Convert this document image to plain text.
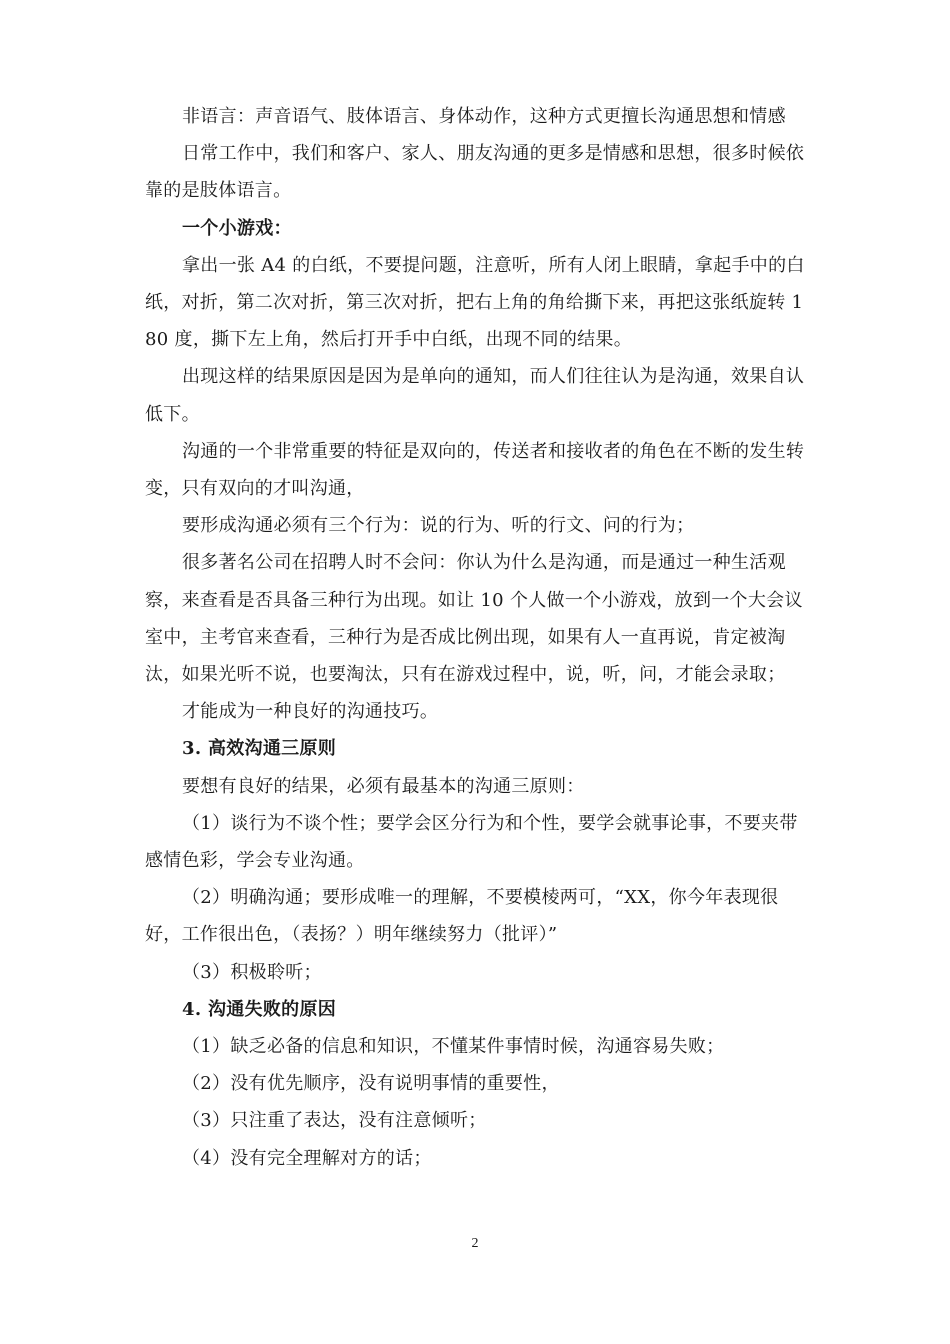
非语言：声音语气、肢体语言、身体动作，这种方式更擅长沟通思想和情感

日常工作中，我们和客户、家人、朋友沟通的更多是情感和思想，很多时候依靠的是肢体语言。

一个小游戏：

拿出一张 A4 的白纸，不要提问题，注意听，所有人闭上眼睛，拿起手中的白纸，对折，第二次对折，第三次对折，把右上角的角给撕下来，再把这张纸旋转 180 度，撕下左上角，然后打开手中白纸，出现不同的结果。

出现这样的结果原因是因为是单向的通知，而人们往往认为是沟通，效果自认低下。

沟通的一个非常重要的特征是双向的，传送者和接收者的角色在不断的发生转变，只有双向的才叫沟通，

要形成沟通必须有三个行为：说的行为、听的行文、问的行为；

很多著名公司在招聘人时不会问：你认为什么是沟通，而是通过一种生活观察，来查看是否具备三种行为出现。如让 10 个人做一个小游戏，放到一个大会议室中，主考官来查看，三种行为是否成比例出现，如果有人一直再说，肯定被淘汰，如果光听不说，也要淘汰，只有在游戏过程中，说，听，问，才能会录取；

才能成为一种良好的沟通技巧。

3. 高效沟通三原则

要想有良好的结果，必须有最基本的沟通三原则：

（1）谈行为不谈个性；要学会区分行为和个性，要学会就事论事，不要夹带感情色彩，学会专业沟通。

（2）明确沟通；要形成唯一的理解，不要模棱两可，“XX，你今年表现很好，工作很出色，（表扬？）明年继续努力（批评）”

（3）积极聆听；

4. 沟通失败的原因

（1）缺乏必备的信息和知识，不懂某件事情时候，沟通容易失败；

（2）没有优先顺序，没有说明事情的重要性，

（3）只注重了表达，没有注意倾听；

（4）没有完全理解对方的话；

2
